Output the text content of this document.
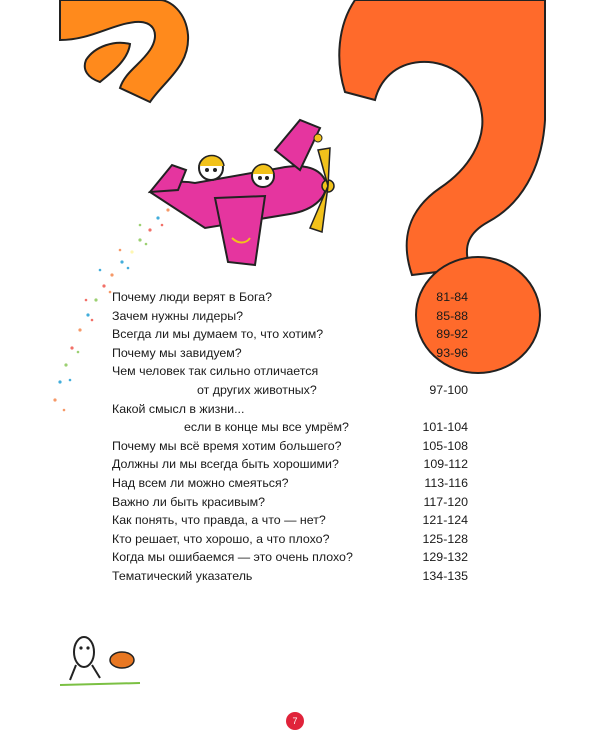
Почему люди верят в Бога?	81-84
Зачем нужны лидеры?	85-88
Всегда ли мы думаем то, что хотим?	89-92
Почему мы завидуем?	93-96
Чем человек так сильно отличается
от других животных?	97-100
Какой смысл в жизни...
если в конце мы все умрём?	101-104
Почему мы всё время хотим большего?	105-108
Должны ли мы всегда быть хорошими?	109-112
Над всем ли можно смеяться?	113-116
Важно ли быть красивым?	117-120
Как понять, что правда, а что — нет?	121-124
Кто решает, что хорошо, а что плохо?	125-128
Когда мы ошибаемся — это очень плохо?	129-132
Тематический указатель	134-135
7
